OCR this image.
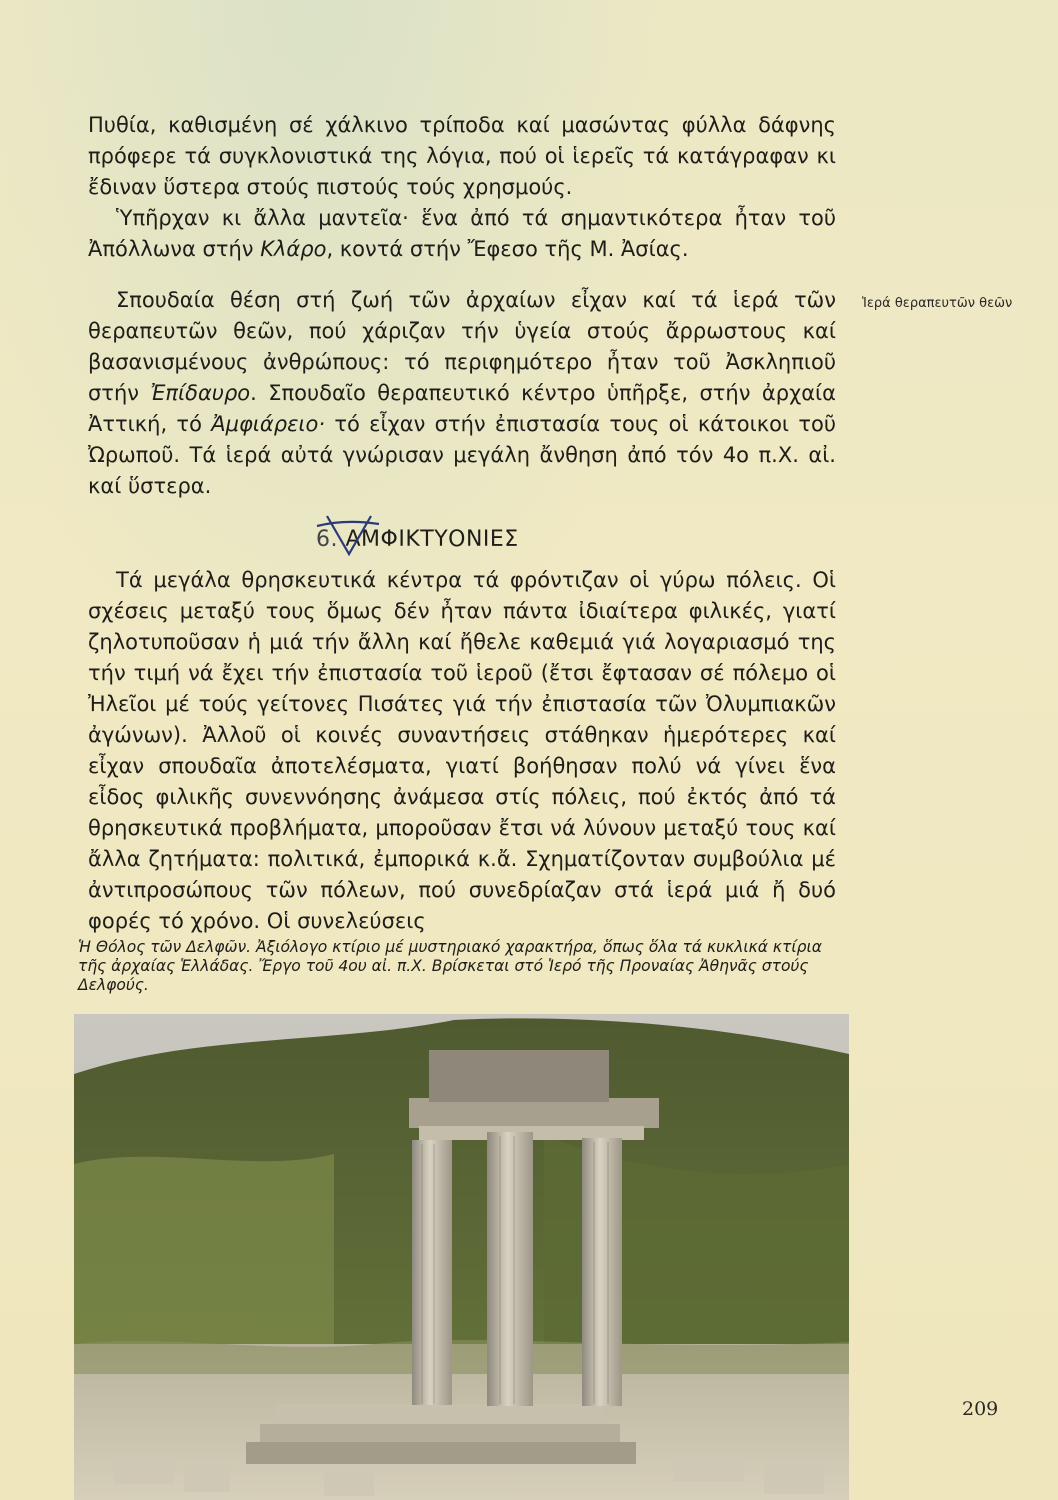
Πυθία, καθισμένη σέ χάλκινο τρίποδα καί μασώντας φύλλα δάφνης πρόφερε τά συγκλονιστικά της λόγια, πού οἱ ἱερεῖς τά κατάγραφαν κι ἔδιναν ὕστερα στούς πιστούς τούς χρησμούς.

Ὑπῆρχαν κι ἄλλα μαντεῖα· ἕνα ἀπό τά σημαντικότερα ἦταν τοῦ Ἀπόλλωνα στήν Κλάρο, κοντά στήν Ἔφεσο τῆς Μ. Ἀσίας.

Σπουδαία θέση στή ζωή τῶν ἀρχαίων εἶχαν καί τά ἱερά τῶν θεραπευτῶν θεῶν, πού χάριζαν τήν ὑγεία στούς ἄρρωστους καί βασανισμένους ἀνθρώπους: τό περιφημότερο ἦταν τοῦ Ἀσκληπιοῦ στήν Ἐπίδαυρο. Σπουδαῖο θεραπευτικό κέντρο ὑπῆρξε, στήν ἀρχαία Ἀττική, τό Ἀμφιάρειο· τό εἶχαν στήν ἐπιστασία τους οἱ κάτοικοι τοῦ Ὠρωποῦ. Τά ἱερά αὐτά γνώρισαν μεγάλη ἄνθηση ἀπό τόν 4ο π.Χ. αἰ. καί ὕστερα.

6. ΑΜΦΙΚΤΥΟΝΙΕΣ

Τά μεγάλα θρησκευτικά κέντρα τά φρόντιζαν οἱ γύρω πόλεις. Οἱ σχέσεις μεταξύ τους ὅμως δέν ἦταν πάντα ἰδιαίτερα φιλικές, γιατί ζηλοτυποῦσαν ἡ μιά τήν ἄλλη καί ἤθελε καθεμιά γιά λογαριασμό της τήν τιμή νά ἔχει τήν ἐπιστασία τοῦ ἱεροῦ (ἔτσι ἔφτασαν σέ πόλεμο οἱ Ἠλεῖοι μέ τούς γείτονες Πισάτες γιά τήν ἐπιστασία τῶν Ὀλυμπιακῶν ἀγώνων). Ἀλλοῦ οἱ κοινές συναντήσεις στάθηκαν ἡμερότερες καί εἶχαν σπουδαῖα ἀποτελέσματα, γιατί βοήθησαν πολύ νά γίνει ἕνα εἶδος φιλικῆς συνεννόησης ἀνάμεσα στίς πόλεις, πού ἐκτός ἀπό τά θρησκευτικά προβλήματα, μποροῦσαν ἔτσι νά λύνουν μεταξύ τους καί ἄλλα ζητήματα: πολιτικά, ἐμπορικά κ.ἄ. Σχηματίζονταν συμβούλια μέ ἀντιπροσώπους τῶν πόλεων, πού συνεδρίαζαν στά ἱερά μιά ἤ δυό φορές τό χρόνο. Οἱ συνελεύσεις

Ἱερά θεραπευτῶν θεῶν
Ἡ Θόλος τῶν Δελφῶν. Ἀξιόλογο κτίριο μέ μυστηριακό χαρακτήρα, ὅπως ὅλα τά κυκλικά κτίρια τῆς ἀρχαίας Ἑλλάδας. Ἔργο τοῦ 4ου αἰ. π.Χ. Βρίσκεται στό Ἱερό τῆς Προναίας Ἀθηνᾶς στούς Δελφούς.
209
